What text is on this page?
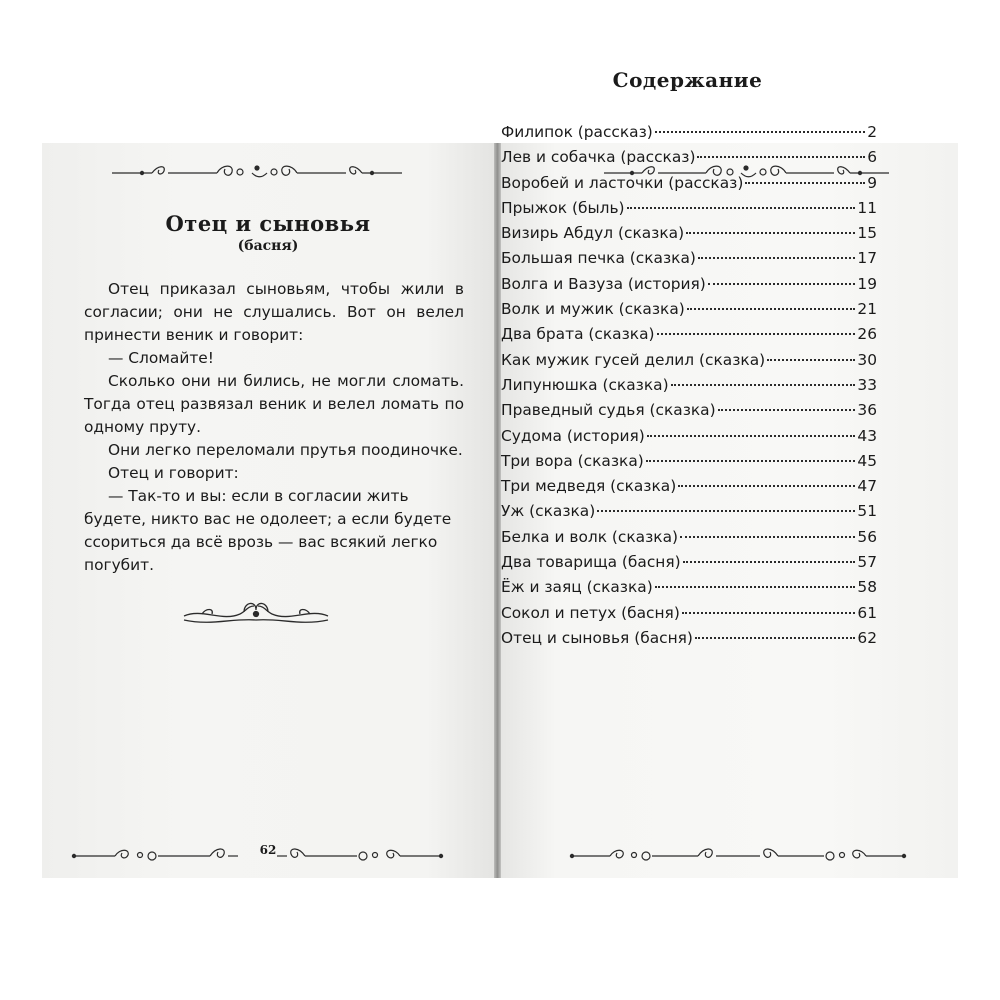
Отец и сыновья
(басня)

Отец приказал сыновьям, чтобы жили в согласии; они не слушались. Вот он велел принести веник и говорит:

— Сломайте!

Сколько они ни бились, не могли сломать. Тогда отец развязал веник и велел ломать по одному пруту.

Они легко переломали прутья поодиночке.

Отец и говорит:

— Так-то и вы: если в согласии жить будете, никто вас не одолеет; а если будете ссориться да всё врозь — вас всякий легко погубит.

62
Содержание
Филипок (рассказ)	2
Лев и собачка (рассказ)	6
Воробей и ласточки (рассказ)	9
Прыжок (быль)	11
Визирь Абдул (сказка)	15
Большая печка (сказка)	17
Волга и Вазуза (история)	19
Волк и мужик (сказка)	21
Два брата (сказка)	26
Как мужик гусей делил (сказка)	30
Липунюшка (сказка)	33
Праведный судья (сказка)	36
Судома (история)	43
Три вора (сказка)	45
Три медведя (сказка)	47
Уж (сказка)	51
Белка и волк (сказка)	56
Два товарища (басня)	57
Ёж и заяц (сказка)	58
Сокол и петух (басня)	61
Отец и сыновья (басня)	62
